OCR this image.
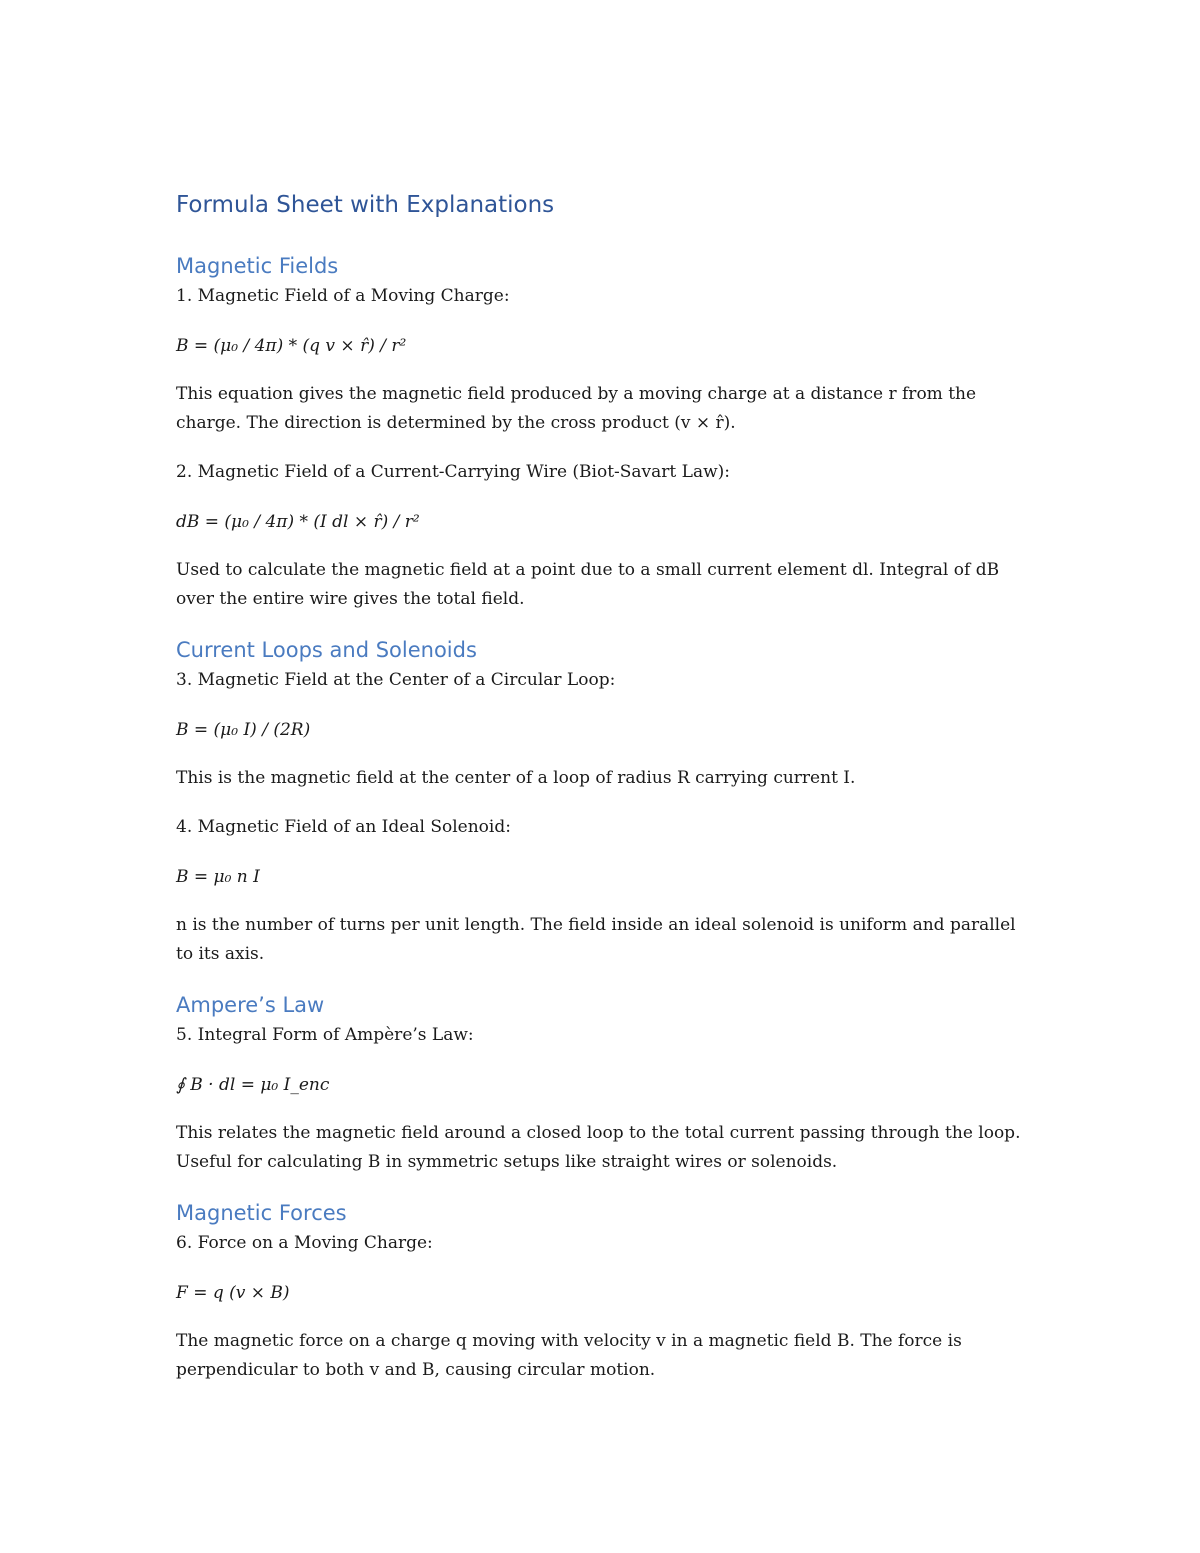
Formula Sheet with Explanations
Magnetic Fields

1. Magnetic Field of a Moving Charge:

B = (μ₀ / 4π) * (q v × r̂) / r²

This equation gives the magnetic field produced by a moving charge at a distance r from the charge. The direction is determined by the cross product (v × r̂).

2. Magnetic Field of a Current-Carrying Wire (Biot-Savart Law):

dB = (μ₀ / 4π) * (I dl × r̂) / r²

Used to calculate the magnetic field at a point due to a small current element dl. Integral of dB over the entire wire gives the total field.

Current Loops and Solenoids

3. Magnetic Field at the Center of a Circular Loop:

B = (μ₀ I) / (2R)

This is the magnetic field at the center of a loop of radius R carrying current I.

4. Magnetic Field of an Ideal Solenoid:

B = μ₀ n I

n is the number of turns per unit length. The field inside an ideal solenoid is uniform and parallel to its axis.

Ampere’s Law

5. Integral Form of Ampère’s Law:

∮ B · dl = μ₀ I_enc

This relates the magnetic field around a closed loop to the total current passing through the loop. Useful for calculating B in symmetric setups like straight wires or solenoids.

Magnetic Forces

6. Force on a Moving Charge:

F = q (v × B)

The magnetic force on a charge q moving with velocity v in a magnetic field B. The force is perpendicular to both v and B, causing circular motion.
